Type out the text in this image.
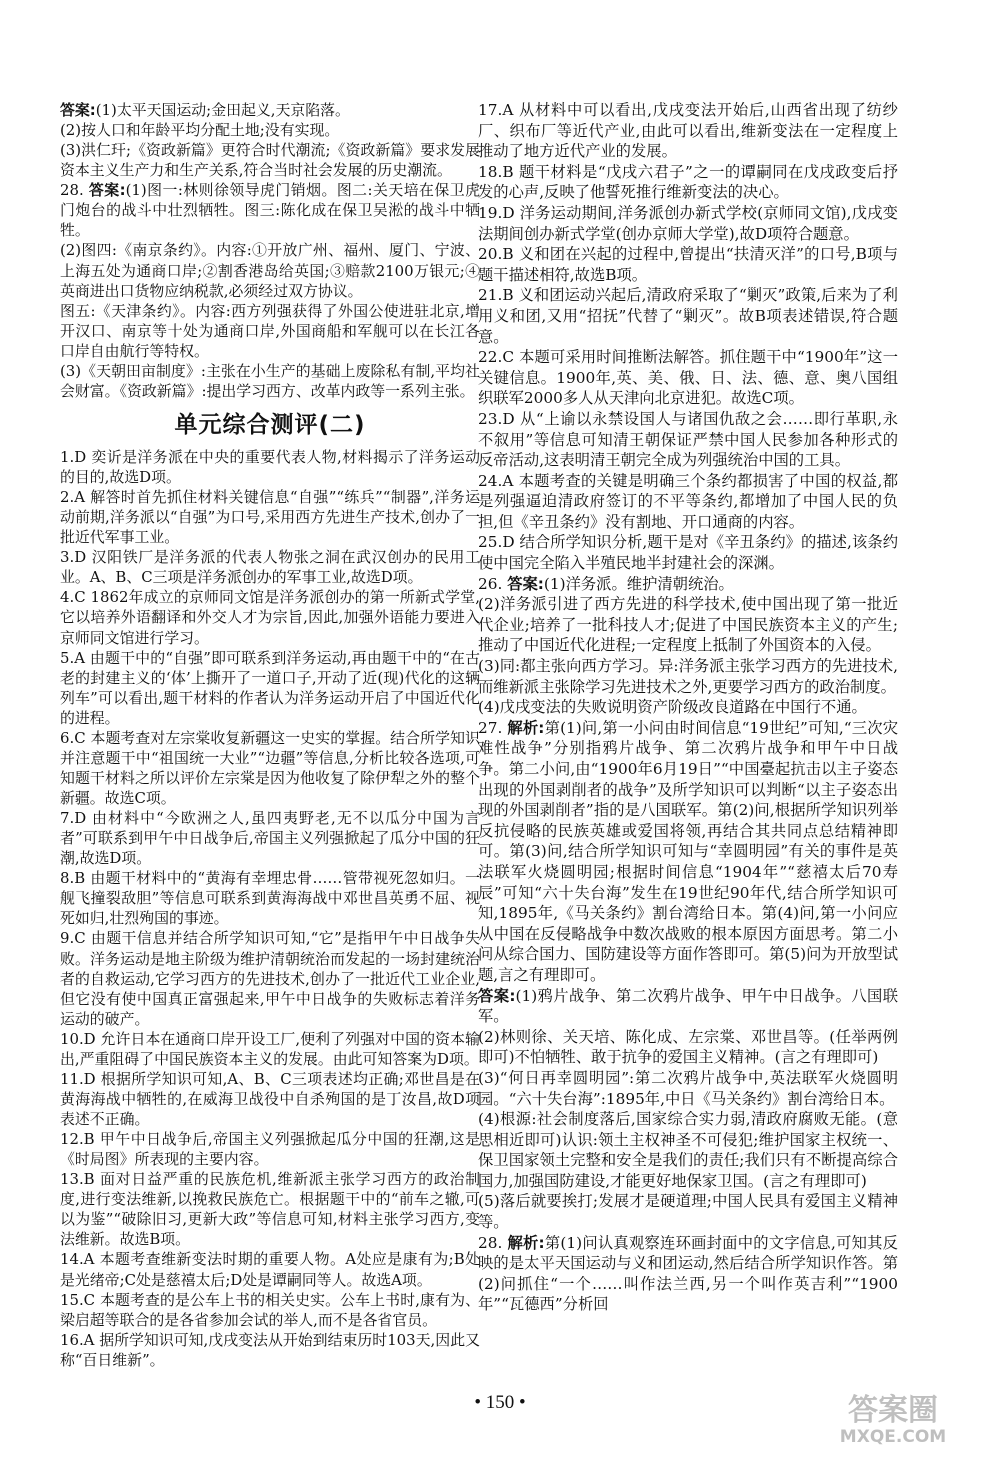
答案:(1)太平天国运动;金田起义,天京陷落。

(2)按人口和年龄平均分配土地;没有实现。

(3)洪仁玕;《资政新篇》更符合时代潮流;《资政新篇》要求发展资本主义生产力和生产关系,符合当时社会发展的历史潮流。

28. 答案:(1)图一:林则徐领导虎门销烟。图二:关天培在保卫虎门炮台的战斗中壮烈牺牲。图三:陈化成在保卫吴淞的战斗中牺牲。

(2)图四:《南京条约》。内容:①开放广州、福州、厦门、宁波、上海五处为通商口岸;②割香港岛给英国;③赔款2100万银元;④英商进出口货物应纳税款,必须经过双方协议。

图五:《天津条约》。内容:西方列强获得了外国公使进驻北京,增开汉口、南京等十处为通商口岸,外国商船和军舰可以在长江各口岸自由航行等特权。

(3)《天朝田亩制度》:主张在小生产的基础上废除私有制,平均社会财富。《资政新篇》:提出学习西方、改革内政等一系列主张。

单元综合测评(二)

1.D 奕䜣是洋务派在中央的重要代表人物,材料揭示了洋务运动的目的,故选D项。

2.A 解答时首先抓住材料关键信息“自强”“练兵”“制器”,洋务运动前期,洋务派以“自强”为口号,采用西方先进生产技术,创办了一批近代军事工业。

3.D 汉阳铁厂是洋务派的代表人物张之洞在武汉创办的民用工业。A、B、C三项是洋务派创办的军事工业,故选D项。

4.C 1862年成立的京师同文馆是洋务派创办的第一所新式学堂,它以培养外语翻译和外交人才为宗旨,因此,加强外语能力要进入京师同文馆进行学习。

5.A 由题干中的“自强”即可联系到洋务运动,再由题干中的“在古老的封建主义的‘体’上撕开了一道口子,开动了近(现)代化的这辆列车”可以看出,题干材料的作者认为洋务运动开启了中国近代化的进程。

6.C 本题考查对左宗棠收复新疆这一史实的掌握。结合所学知识并注意题干中“祖国统一大业”“边疆”等信息,分析比较各选项,可知题干材料之所以评价左宗棠是因为他收复了除伊犁之外的整个新疆。故选C项。

7.D 由材料中“今欧洲之人,虽四夷野老,无不以瓜分中国为言者”可联系到甲午中日战争后,帝国主义列强掀起了瓜分中国的狂潮,故选D项。

8.B 由题干材料中的“黄海有幸埋忠骨……管带视死忽如归。一舰飞撞裂敌胆”等信息可联系到黄海海战中邓世昌英勇不屈、视死如归,壮烈殉国的事迹。

9.C 由题干信息并结合所学知识可知,“它”是指甲午中日战争失败。洋务运动是地主阶级为维护清朝统治而发起的一场封建统治者的自救运动,它学习西方的先进技术,创办了一批近代工业企业,但它没有使中国真正富强起来,甲午中日战争的失败标志着洋务运动的破产。

10.D 允许日本在通商口岸开设工厂,便利了列强对中国的资本输出,严重阻碍了中国民族资本主义的发展。由此可知答案为D项。

11.D 根据所学知识可知,A、B、C三项表述均正确;邓世昌是在黄海海战中牺牲的,在威海卫战役中自杀殉国的是丁汝昌,故D项表述不正确。

12.B 甲午中日战争后,帝国主义列强掀起瓜分中国的狂潮,这是《时局图》所表现的主要内容。

13.B 面对日益严重的民族危机,维新派主张学习西方的政治制度,进行变法维新,以挽救民族危亡。根据题干中的“前车之辙,可以为鉴”“破除旧习,更新大政”等信息可知,材料主张学习西方,变法维新。故选B项。

14.A 本题考查维新变法时期的重要人物。A处应是康有为;B处是光绪帝;C处是慈禧太后;D处是谭嗣同等人。故选A项。

15.C 本题考查的是公车上书的相关史实。公车上书时,康有为、梁启超等联合的是各省参加会试的举人,而不是各省官员。

16.A 据所学知识可知,戊戌变法从开始到结束历时103天,因此又称“百日维新”。

17.A 从材料中可以看出,戊戌变法开始后,山西省出现了纺纱厂、织布厂等近代产业,由此可以看出,维新变法在一定程度上推动了地方近代产业的发展。

18.B 题干材料是“戊戌六君子”之一的谭嗣同在戊戌政变后抒发的心声,反映了他誓死推行维新变法的决心。

19.D 洋务运动期间,洋务派创办新式学校(京师同文馆),戊戌变法期间创办新式学堂(创办京师大学堂),故D项符合题意。

20.B 义和团在兴起的过程中,曾提出“扶清灭洋”的口号,B项与题干描述相符,故选B项。

21.B 义和团运动兴起后,清政府采取了“剿灭”政策,后来为了利用义和团,又用“招抚”代替了“剿灭”。故B项表述错误,符合题意。

22.C 本题可采用时间推断法解答。抓住题干中“1900年”这一关键信息。1900年,英、美、俄、日、法、德、意、奥八国组织联军2000多人从天津向北京进犯。故选C项。

23.D 从“上谕以永禁设国人与诸国仇敌之会……即行革职,永不叙用”等信息可知清王朝保证严禁中国人民参加各种形式的反帝活动,这表明清王朝完全成为列强统治中国的工具。

24.A 本题考查的关键是明确三个条约都损害了中国的权益,都是列强逼迫清政府签订的不平等条约,都增加了中国人民的负担,但《辛丑条约》没有割地、开口通商的内容。

25.D 结合所学知识分析,题干是对《辛丑条约》的描述,该条约使中国完全陷入半殖民地半封建社会的深渊。

26. 答案:(1)洋务派。维护清朝统治。

(2)洋务派引进了西方先进的科学技术,使中国出现了第一批近代企业;培养了一批科技人才;促进了中国民族资本主义的产生;推动了中国近代化进程;一定程度上抵制了外国资本的入侵。

(3)同:都主张向西方学习。异:洋务派主张学习西方的先进技术,而维新派主张除学习先进技术之外,更要学习西方的政治制度。

(4)戊戌变法的失败说明资产阶级改良道路在中国行不通。

27. 解析:第(1)问,第一小问由时间信息“19世纪”可知,“三次灾难性战争”分别指鸦片战争、第二次鸦片战争和甲午中日战争。第二小问,由“1900年6月19日”“中国臺起抗击以主子姿态出现的外国剥削者的战争”及所学知识可以判断“以主子姿态出现的外国剥削者”指的是八国联军。第(2)问,根据所学知识列举反抗侵略的民族英雄或爱国将领,再结合其共同点总结精神即可。第(3)问,结合所学知识可知与“幸圆明园”有关的事件是英法联军火烧圆明园;根据时间信息“1904年”“慈禧太后70寿辰”可知“六十失台海”发生在19世纪90年代,结合所学知识可知,1895年,《马关条约》割台湾给日本。第(4)问,第一小问应从中国在反侵略战争中数次战败的根本原因方面思考。第二小问从综合国力、国防建设等方面作答即可。第(5)问为开放型试题,言之有理即可。

答案:(1)鸦片战争、第二次鸦片战争、甲午中日战争。八国联军。

(2)林则徐、关天培、陈化成、左宗棠、邓世昌等。(任举两例即可)不怕牺牲、敢于抗争的爱国主义精神。(言之有理即可)

(3)“何日再幸圆明园”:第二次鸦片战争中,英法联军火烧圆明园。“六十失台海”:1895年,中日《马关条约》割台湾给日本。

(4)根源:社会制度落后,国家综合实力弱,清政府腐败无能。(意思相近即可)认识:领土主权神圣不可侵犯;维护国家主权统一、保卫国家领土完整和安全是我们的责任;我们只有不断提高综合国力,加强国防建设,才能更好地保家卫国。(言之有理即可)

(5)落后就要挨打;发展才是硬道理;中国人民具有爱国主义精神等。

28. 解析:第(1)问认真观察连环画封面中的文字信息,可知其反映的是太平天国运动与义和团运动,然后结合所学知识作答。第(2)问抓住“一个……叫作法兰西,另一个叫作英吉利”“1900年”“瓦德西”分析回

• 150 •	答案圈
MXQE.COM
